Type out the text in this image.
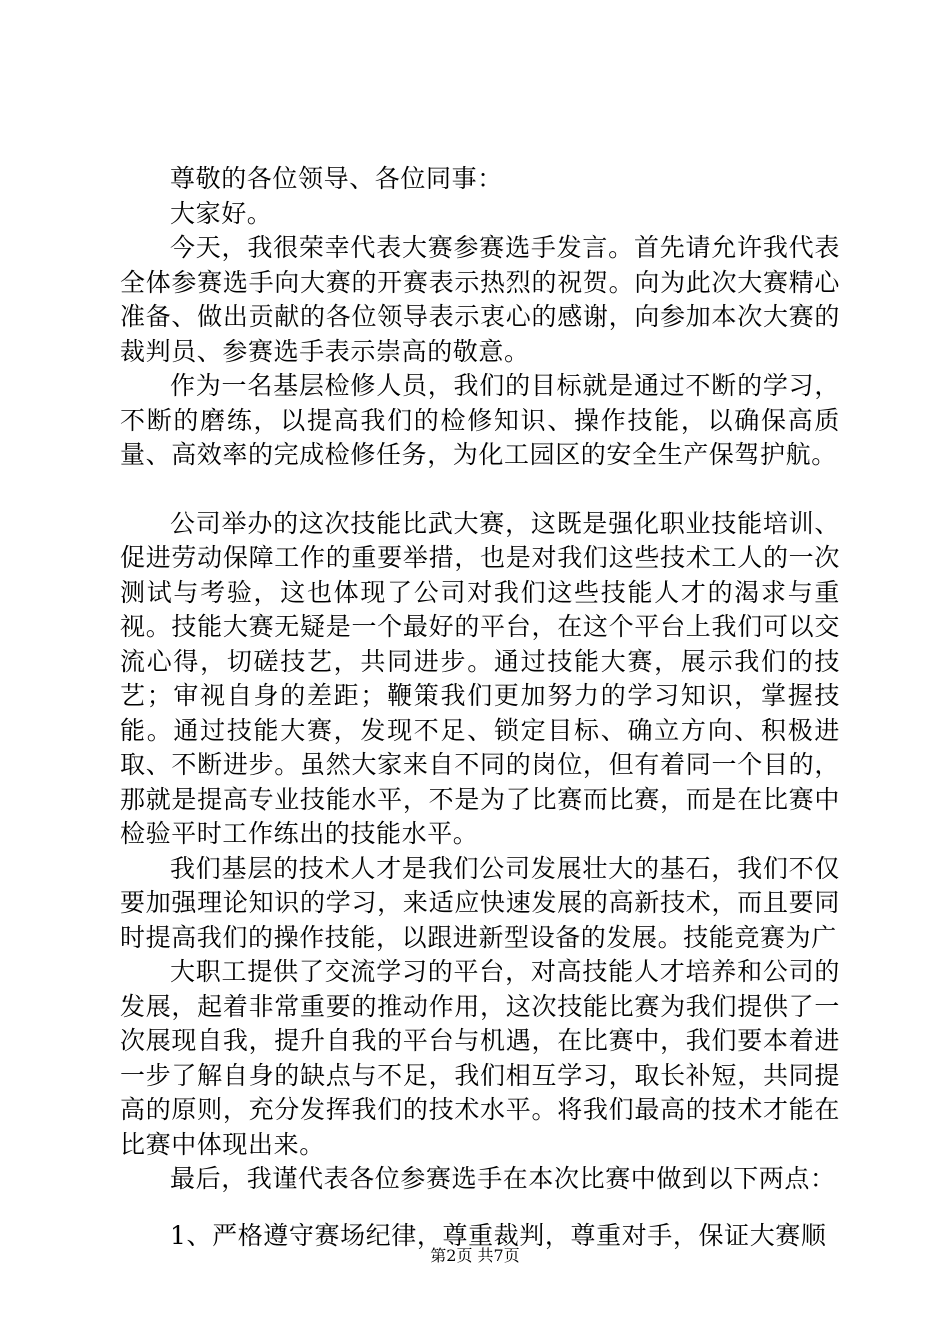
尊敬的各位领导、各位同事：

大家好。

今天，我很荣幸代表大赛参赛选手发言。首先请允许我代表全体参赛选手向大赛的开赛表示热烈的祝贺。向为此次大赛精心准备、做出贡献的各位领导表示衷心的感谢，向参加本次大赛的裁判员、参赛选手表示崇高的敬意。

作为一名基层检修人员，我们的目标就是通过不断的学习，不断的磨练，以提高我们的检修知识、操作技能，以确保高质量、高效率的完成检修任务，为化工园区的安全生产保驾护航。

公司举办的这次技能比武大赛，这既是强化职业技能培训、促进劳动保障工作的重要举措，也是对我们这些技术工人的一次测试与考验，这也体现了公司对我们这些技能人才的渴求与重视。技能大赛无疑是一个最好的平台，在这个平台上我们可以交流心得，切磋技艺，共同进步。通过技能大赛，展示我们的技艺；审视自身的差距；鞭策我们更加努力的学习知识，掌握技能。通过技能大赛，发现不足、锁定目标、确立方向、积极进取、不断进步。虽然大家来自不同的岗位，但有着同一个目的，那就是提高专业技能水平，不是为了比赛而比赛，而是在比赛中检验平时工作练出的技能水平。

我们基层的技术人才是我们公司发展壮大的基石，我们不仅要加强理论知识的学习，来适应快速发展的高新技术，而且要同时提高我们的操作技能，以跟进新型设备的发展。技能竞赛为广

大职工提供了交流学习的平台，对高技能人才培养和公司的发展，起着非常重要的推动作用，这次技能比赛为我们提供了一次展现自我，提升自我的平台与机遇，在比赛中，我们要本着进一步了解自身的缺点与不足，我们相互学习，取长补短，共同提高的原则，充分发挥我们的技术水平。将我们最高的技术才能在比赛中体现出来。

最后，我谨代表各位参赛选手在本次比赛中做到以下两点：

1、严格遵守赛场纪律，尊重裁判，尊重对手，保证大赛顺

第2页 共7页
